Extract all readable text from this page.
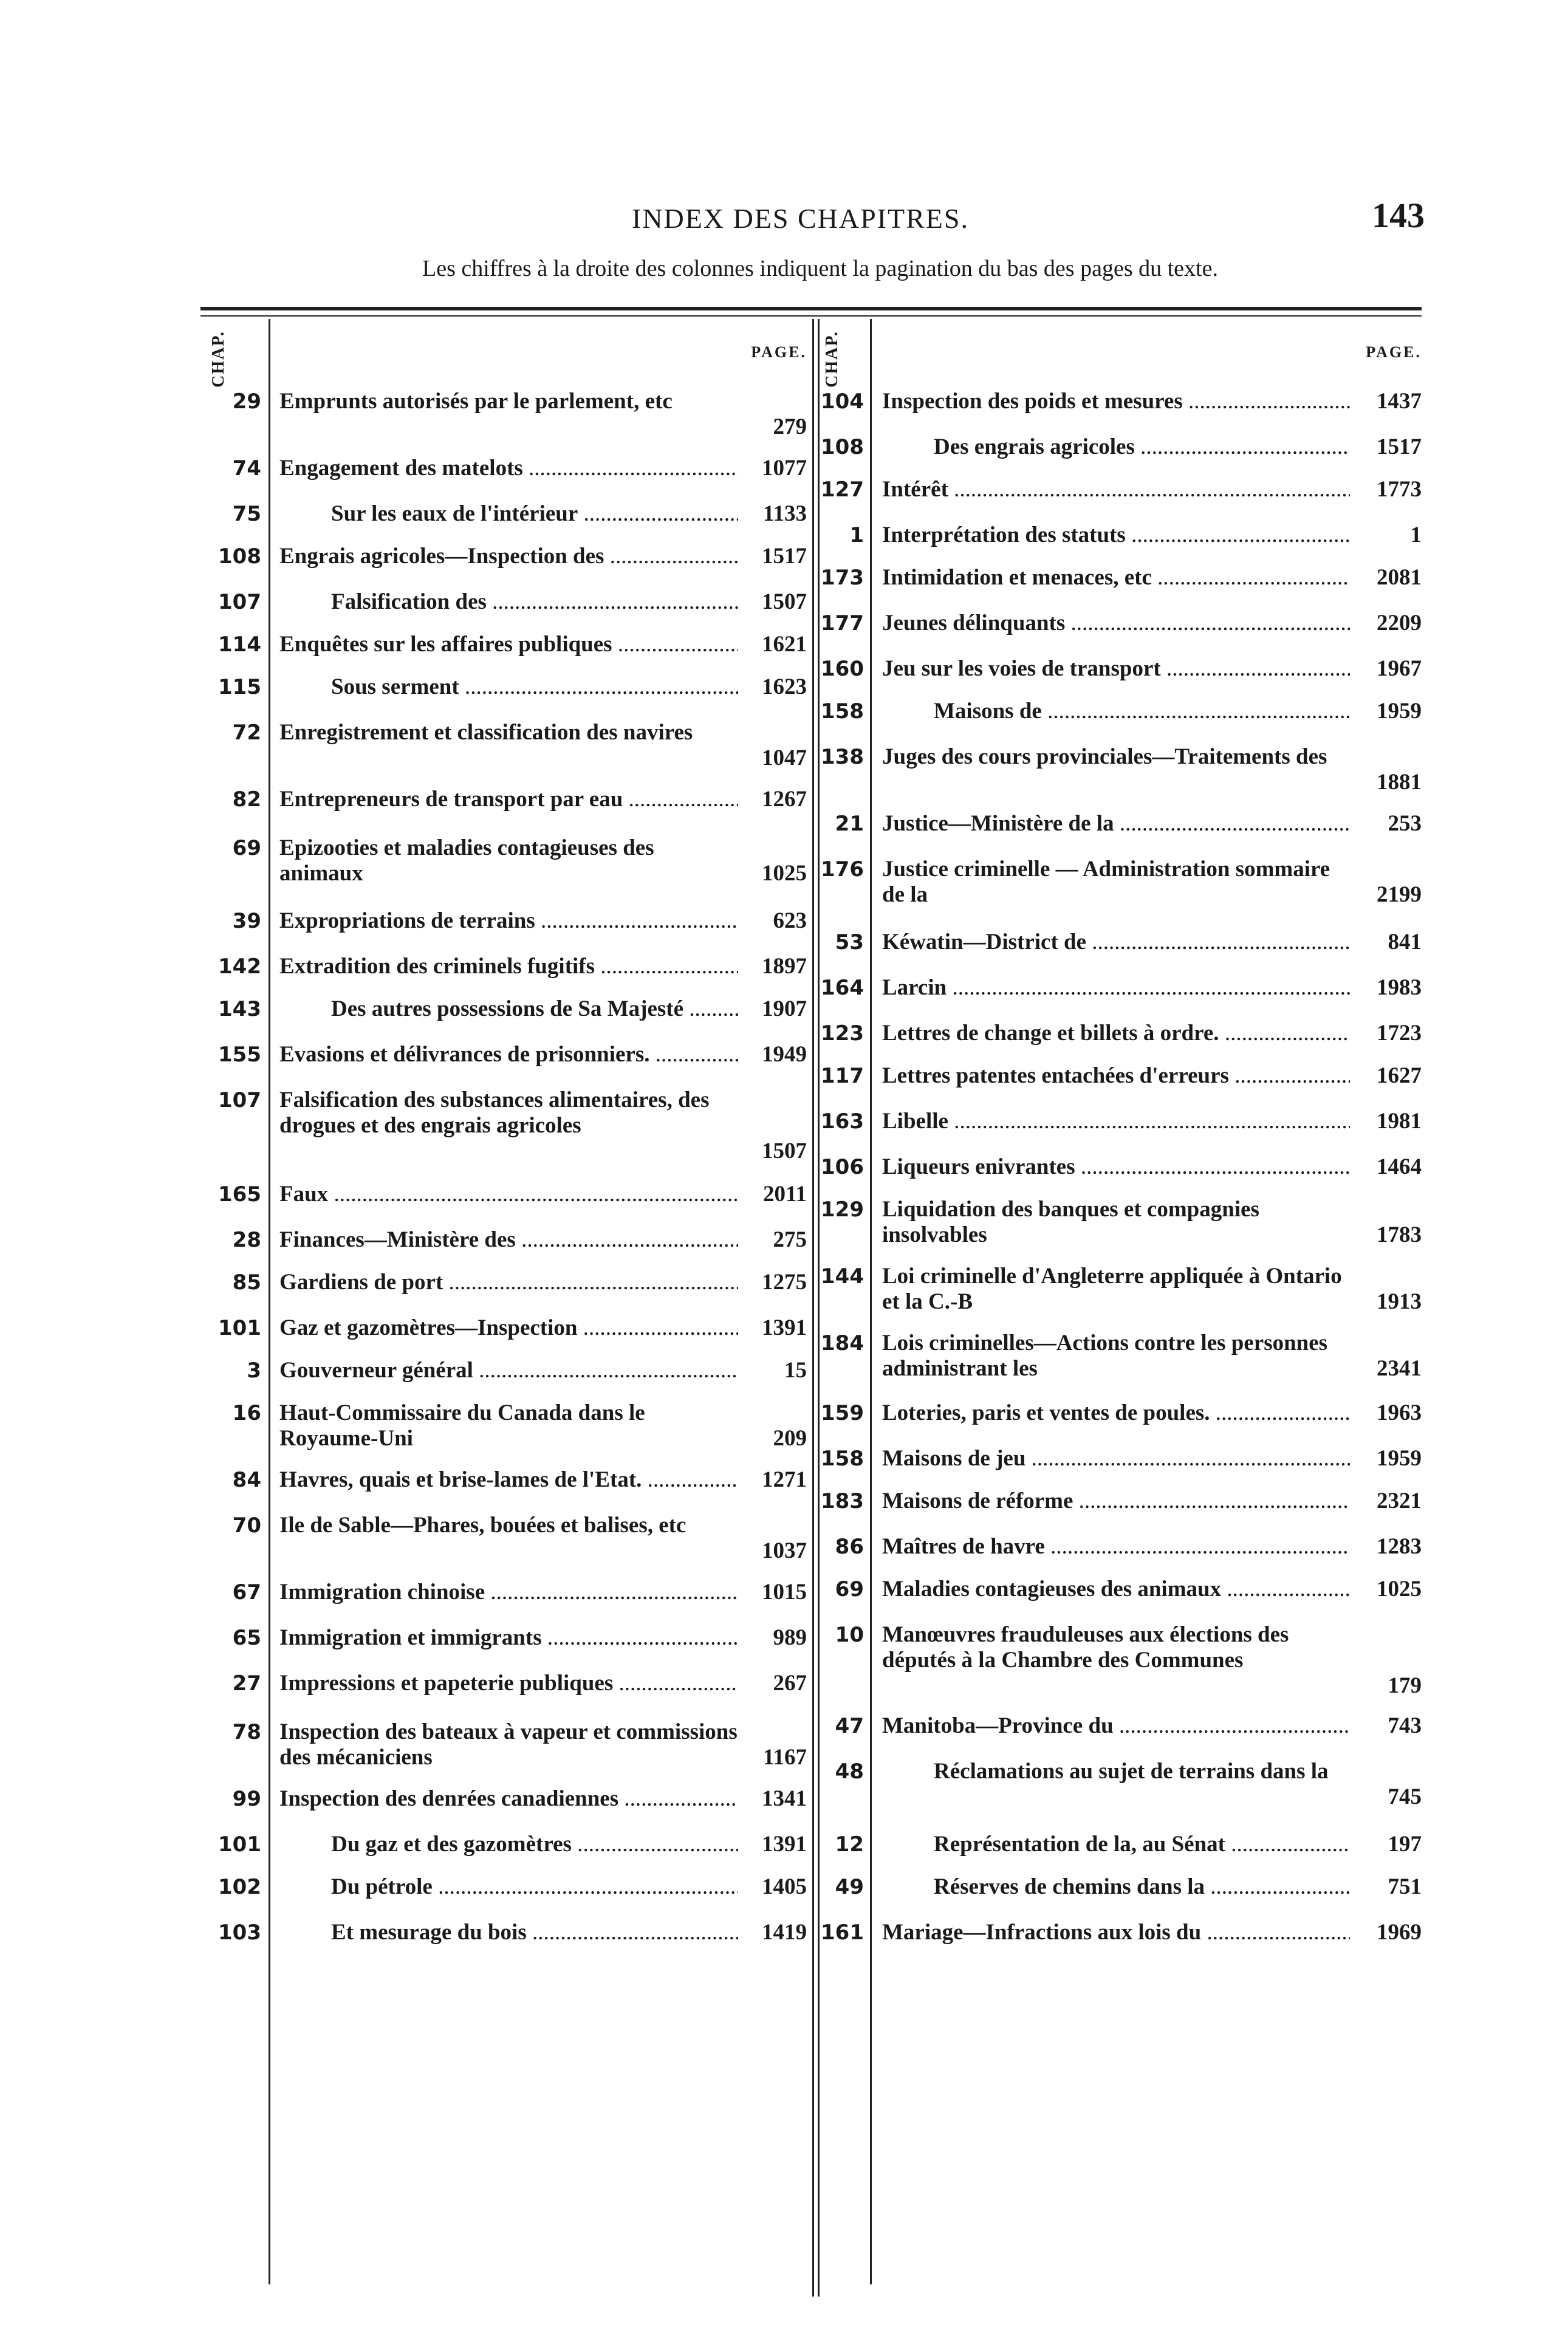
INDEX DES CHAPITRES.	143
Les chiffres à la droite des colonnes indiquent la pagination du bas des pages du texte.
CHAP.	PAGE.
29 Emprunts autorisés par le parlement, etc
279
74 Engagement des matelots .....	1077
75	Sur les eaux de l'intérieur .....	1133
108 Engrais agricoles—Inspection des .....	1517
107	Falsification des .....	1507
114 Enquêtes sur les affaires publiques .....	1621
115	Sous serment .....	1623
72 Enregistrement et classification des navires
1047
82 Entrepreneurs de transport par eau .....	1267
69 Epizooties et maladies contagieuses des animaux	1025
39 Expropriations de terrains .....	623
142 Extradition des criminels fugitifs .....	1897
143	Des autres possessions de Sa Majesté .....	1907
155 Evasions et délivrances de prisonniers. .....	1949
107 Falsification des substances alimentaires, des drogues et des engrais agricoles
1507
165 Faux .....	2011
28 Finances—Ministère des .....	275
85 Gardiens de port .....	1275
101 Gaz et gazomètres—Inspection .....	1391
3 Gouverneur général .....	15
16 Haut-Commissaire du Canada dans le Royaume-Uni	209
84 Havres, quais et brise-lames de l'Etat. .....	1271
70 Ile de Sable—Phares, bouées et balises, etc
1037
67 Immigration chinoise .....	1015
65 Immigration et immigrants .....	989
27 Impressions et papeterie publiques .....	267
78 Inspection des bateaux à vapeur et commissions des mécaniciens	1167
99 Inspection des denrées canadiennes .....	1341
101	Du gaz et des gazomètres .....	1391
102	Du pétrole .....	1405
103	Et mesurage du bois .....	1419
CHAP.	PAGE.
104 Inspection des poids et mesures .....	1437
108	Des engrais agricoles .....	1517
127 Intérêt .....	1773
1 Interprétation des statuts .....	1
173 Intimidation et menaces, etc .....	2081
177 Jeunes délinquants .....	2209
160 Jeu sur les voies de transport .....	1967
158	Maisons de .....	1959
138 Juges des cours provinciales—Traitements des
1881
21 Justice—Ministère de la .....	253
176 Justice criminelle — Administration sommaire de la	2199
53 Kéwatin—District de .....	841
164 Larcin .....	1983
123 Lettres de change et billets à ordre. .....	1723
117 Lettres patentes entachées d'erreurs .....	1627
163 Libelle .....	1981
106 Liqueurs enivrantes .....	1464
129 Liquidation des banques et compagnies insolvables	1783
144 Loi criminelle d'Angleterre appliquée à Ontario et la C.-B	1913
184 Lois criminelles—Actions contre les personnes administrant les	2341
159 Loteries, paris et ventes de poules. .....	1963
158 Maisons de jeu .....	1959
183 Maisons de réforme .....	2321
86 Maîtres de havre .....	1283
69 Maladies contagieuses des animaux .....	1025
10 Manœuvres frauduleuses aux élections des députés à la Chambre des Communes
179
47 Manitoba—Province du .....	743
48	Réclamations au sujet de terrains dans la
745
12	Représentation de la, au Sénat .....	197
49	Réserves de chemins dans la .....	751
161 Mariage—Infractions aux lois du .....	1969
